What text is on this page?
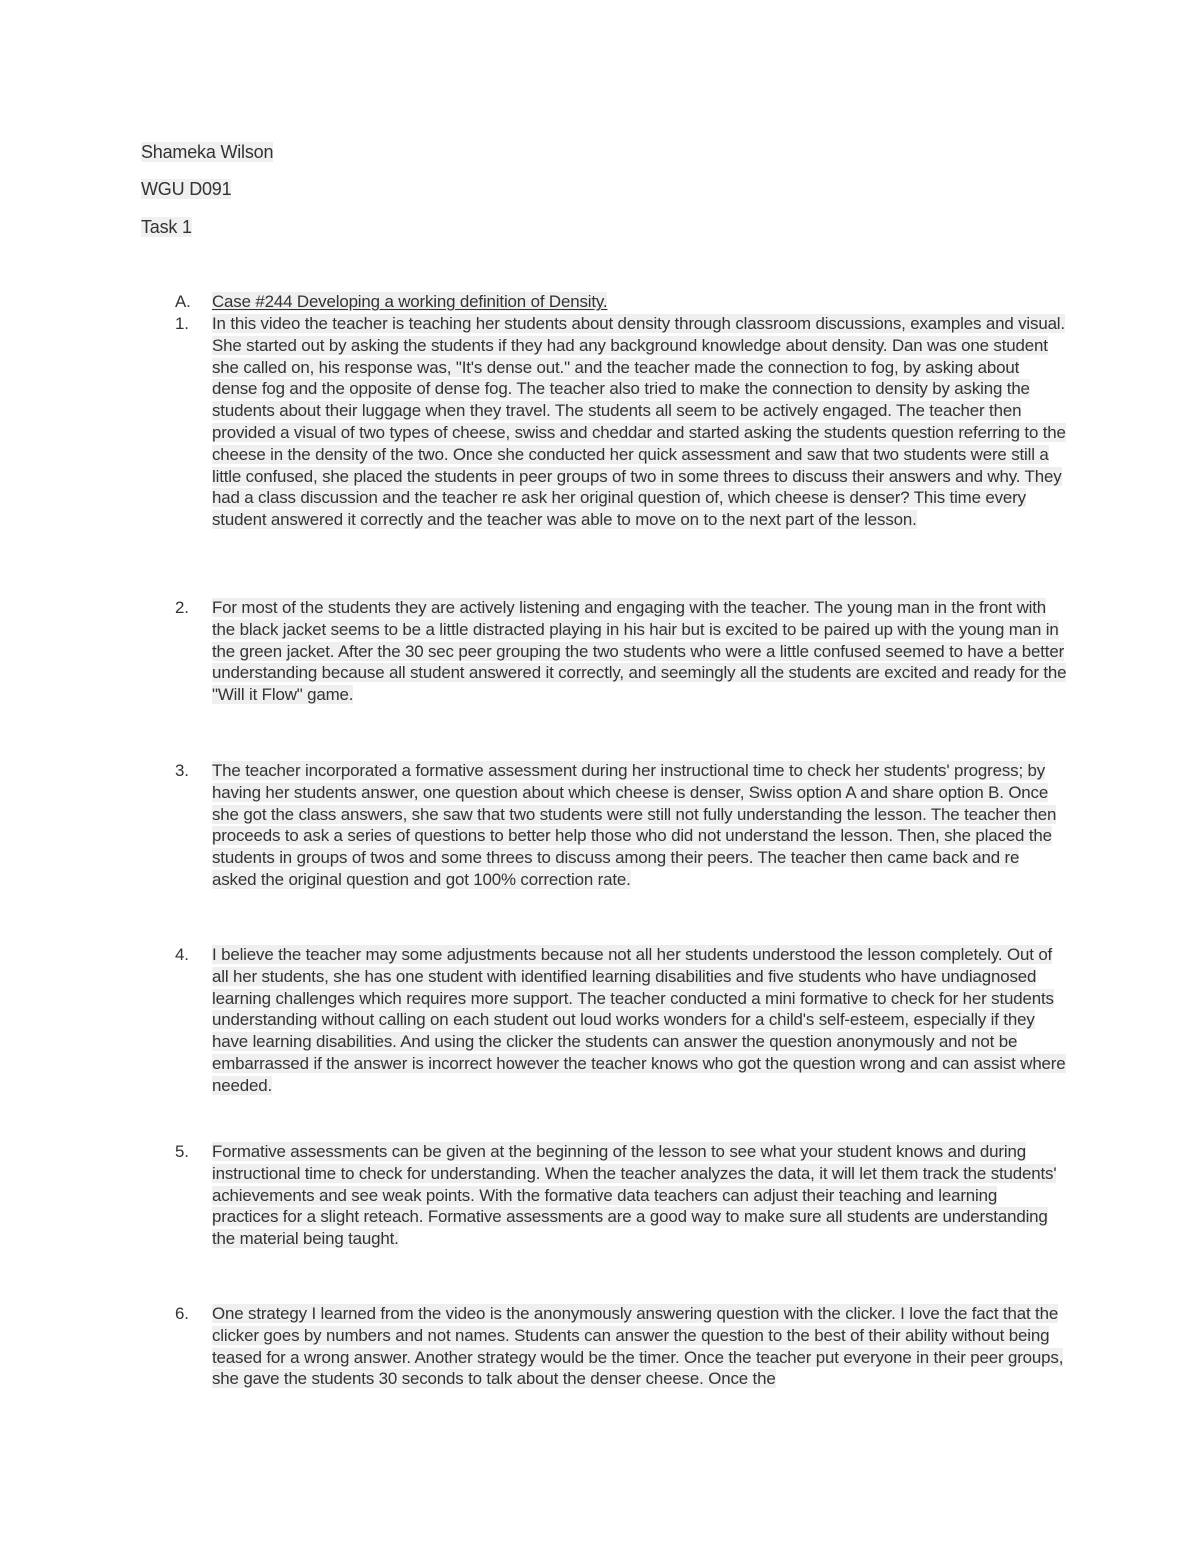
Shameka Wilson
WGU D091
Task 1
A.	Case #244 Developing a working definition of Density.
1.	In this video the teacher is teaching her students about density through classroom discussions, examples and visual. She started out by asking the students if they had any background knowledge about density. Dan was one student she called on, his response was, "It's dense out." and the teacher made the connection to fog, by asking about dense fog and the opposite of dense fog. The teacher also tried to make the connection to density by asking the students about their luggage when they travel. The students all seem to be actively engaged. The teacher then provided a visual of two types of cheese, swiss and cheddar and started asking the students question referring to the cheese in the density of the two. Once she conducted her quick assessment and saw that two students were still a little confused, she placed the students in peer groups of two in some threes to discuss their answers and why. They had a class discussion and the teacher re ask her original question of, which cheese is denser? This time every student answered it correctly and the teacher was able to move on to the next part of the lesson.
2.	For most of the students they are actively listening and engaging with the teacher. The young man in the front with the black jacket seems to be a little distracted playing in his hair but is excited to be paired up with the young man in the green jacket. After the 30 sec peer grouping the two students who were a little confused seemed to have a better understanding because all student answered it correctly, and seemingly all the students are excited and ready for the "Will it Flow" game.
3.	The teacher incorporated a formative assessment during her instructional time to check her students' progress; by having her students answer, one question about which cheese is denser, Swiss option A and share option B. Once she got the class answers, she saw that two students were still not fully understanding the lesson. The teacher then proceeds to ask a series of questions to better help those who did not understand the lesson. Then, she placed the students in groups of twos and some threes to discuss among their peers. The teacher then came back and re asked the original question and got 100% correction rate.
4.	I believe the teacher may some adjustments because not all her students understood the lesson completely. Out of all her students, she has one student with identified learning disabilities and five students who have undiagnosed learning challenges which requires more support. The teacher conducted a mini formative to check for her students understanding without calling on each student out loud works wonders for a child's self-esteem, especially if they have learning disabilities. And using the clicker the students can answer the question anonymously and not be embarrassed if the answer is incorrect however the teacher knows who got the question wrong and can assist where needed.
5.	Formative assessments can be given at the beginning of the lesson to see what your student knows and during instructional time to check for understanding. When the teacher analyzes the data, it will let them track the students' achievements and see weak points. With the formative data teachers can adjust their teaching and learning practices for a slight reteach. Formative assessments are a good way to make sure all students are understanding the material being taught.
6.	One strategy I learned from the video is the anonymously answering question with the clicker. I love the fact that the clicker goes by numbers and not names. Students can answer the question to the best of their ability without being teased for a wrong answer. Another strategy would be the timer. Once the teacher put everyone in their peer groups, she gave the students 30 seconds to talk about the denser cheese. Once the
